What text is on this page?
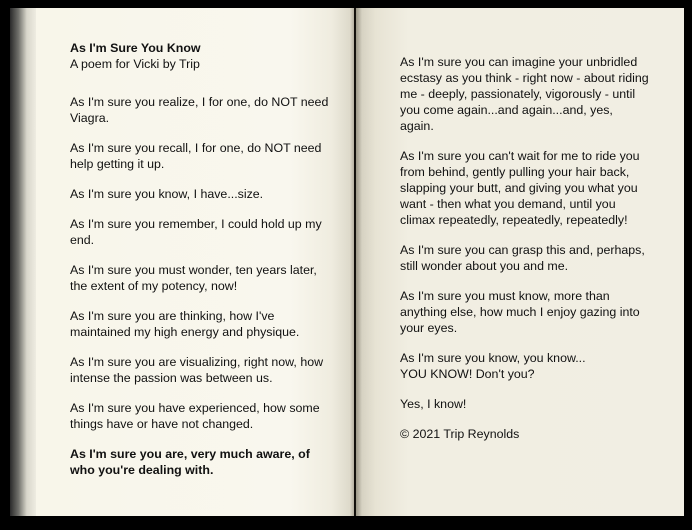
As I'm Sure You Know

A poem for Vicki by Trip

As I'm sure you realize, I for one, do NOT need
Viagra.
As I'm sure you recall, I for one, do NOT need
help getting it up.
As I'm sure you know, I have...size.
As I'm sure you remember, I could hold up my
end.
As I'm sure you must wonder, ten years later,
the extent of my potency, now!
As I'm sure you are thinking, how I've
maintained my high energy and physique.
As I'm sure you are visualizing, right now, how
intense the passion was between us.
As I'm sure you have experienced, how some
things have or have not changed.
As I'm sure you are, very much aware, of
who you're dealing with.
As I'm sure you can imagine your unbridled
ecstasy as you think - right now - about riding
me - deeply, passionately, vigorously - until
you come again...and again...and, yes,
again.
As I'm sure you can't wait for me to ride you
from behind, gently pulling your hair back,
slapping your butt, and giving you what you
want - then what you demand, until you
climax repeatedly, repeatedly, repeatedly!
As I'm sure you can grasp this and, perhaps,
still wonder about you and me.
As I'm sure you must know, more than
anything else, how much I enjoy gazing into
your eyes.
As I'm sure you know, you know...
YOU KNOW! Don't you?
Yes, I know!
© 2021 Trip Reynolds
